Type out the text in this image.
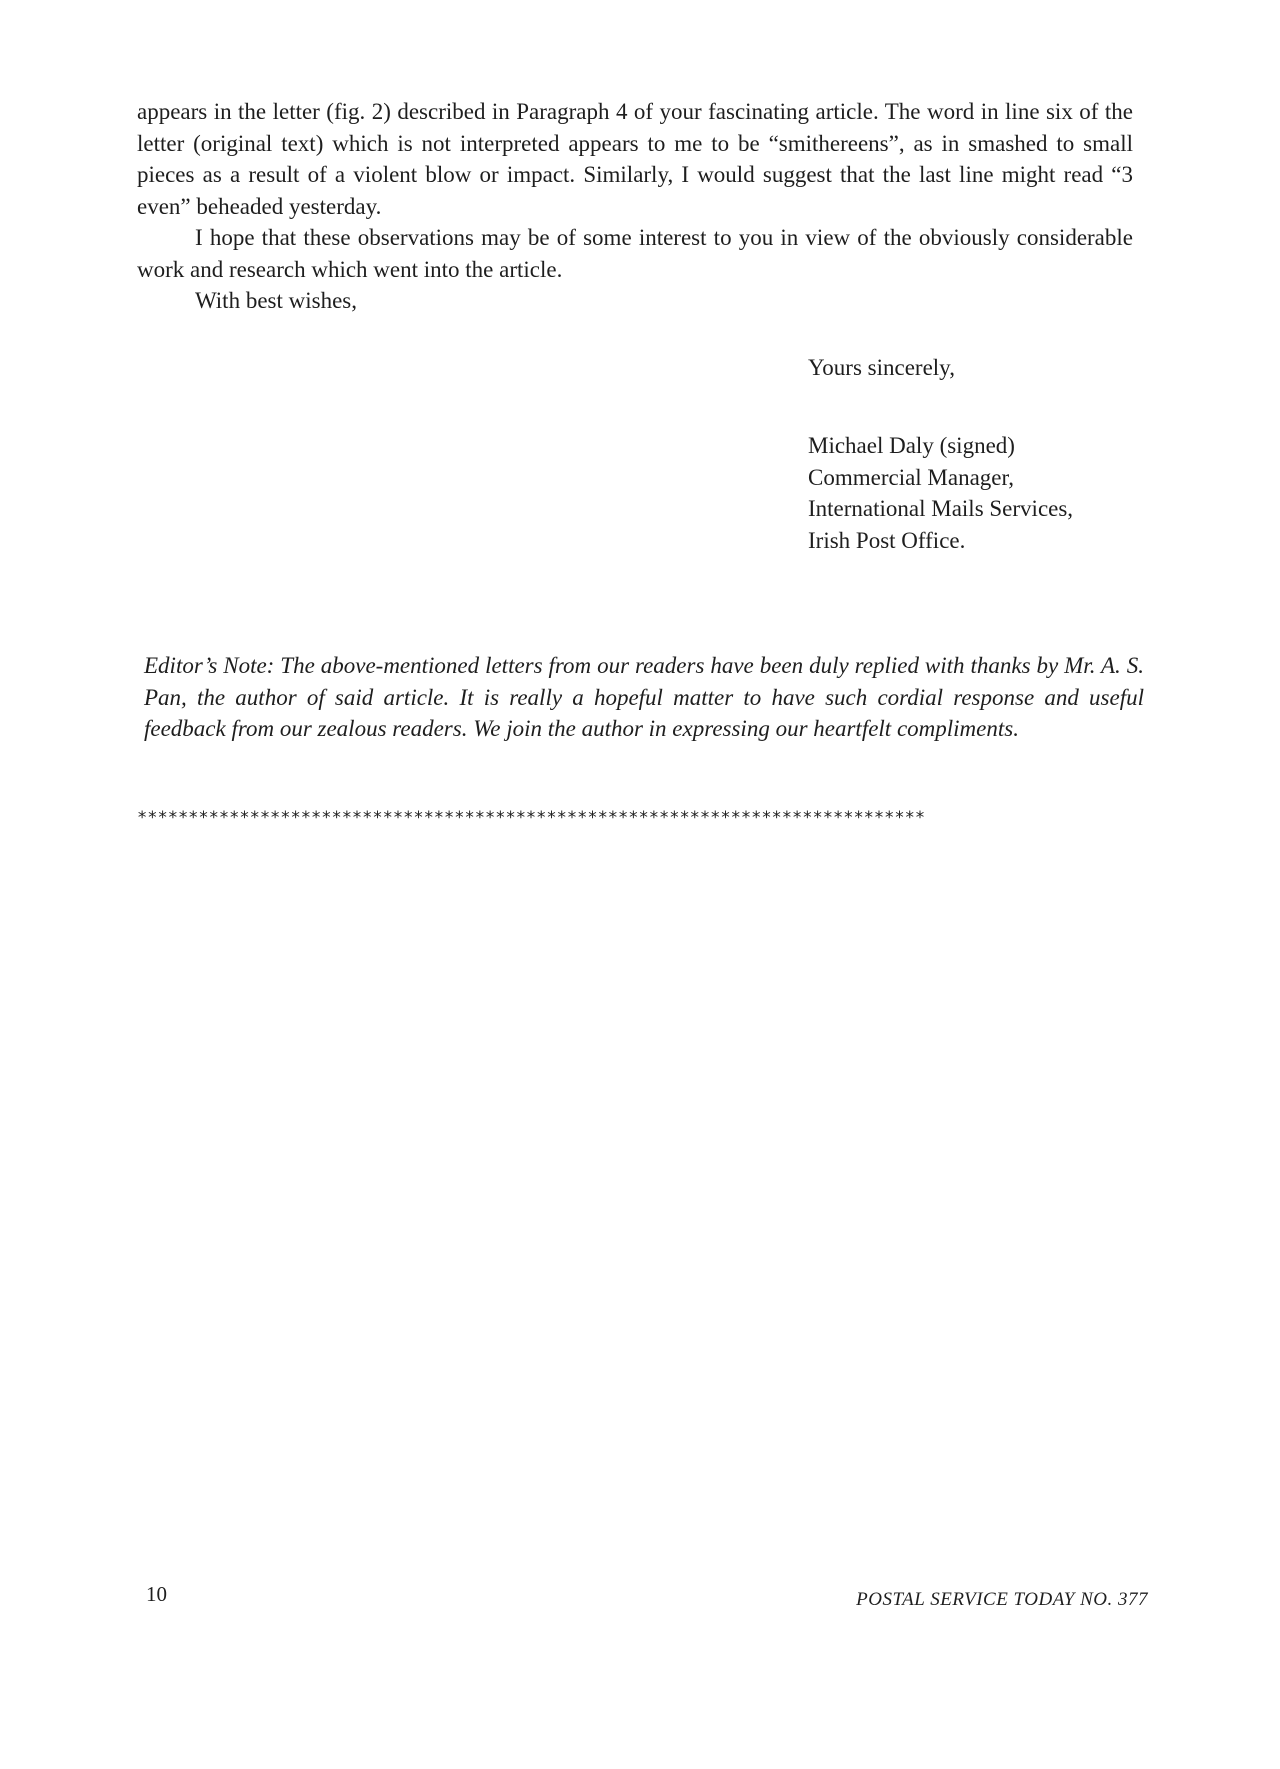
appears in the letter (fig. 2) described in Paragraph 4 of your fascinating article. The word in line six of the letter (original text) which is not interpreted appears to me to be “smithereens”, as in smashed to small pieces as a result of a violent blow or impact. Similarly, I would suggest that the last line might read “3 even” beheaded yesterday.

I hope that these observations may be of some interest to you in view of the obviously considerable work and research which went into the article.

With best wishes,

Yours sincerely,
Michael Daly (signed)
Commercial Manager,
International Mails Services,
Irish Post Office.
Editor’s Note: The above-mentioned letters from our readers have been duly replied with thanks by Mr. A. S. Pan, the author of said article. It is really a hopeful matter to have such cordial response and useful feedback from our zealous readers. We join the author in expressing our heartfelt compliments.
*****************************************************************************
10	POSTAL SERVICE TODAY NO. 377
